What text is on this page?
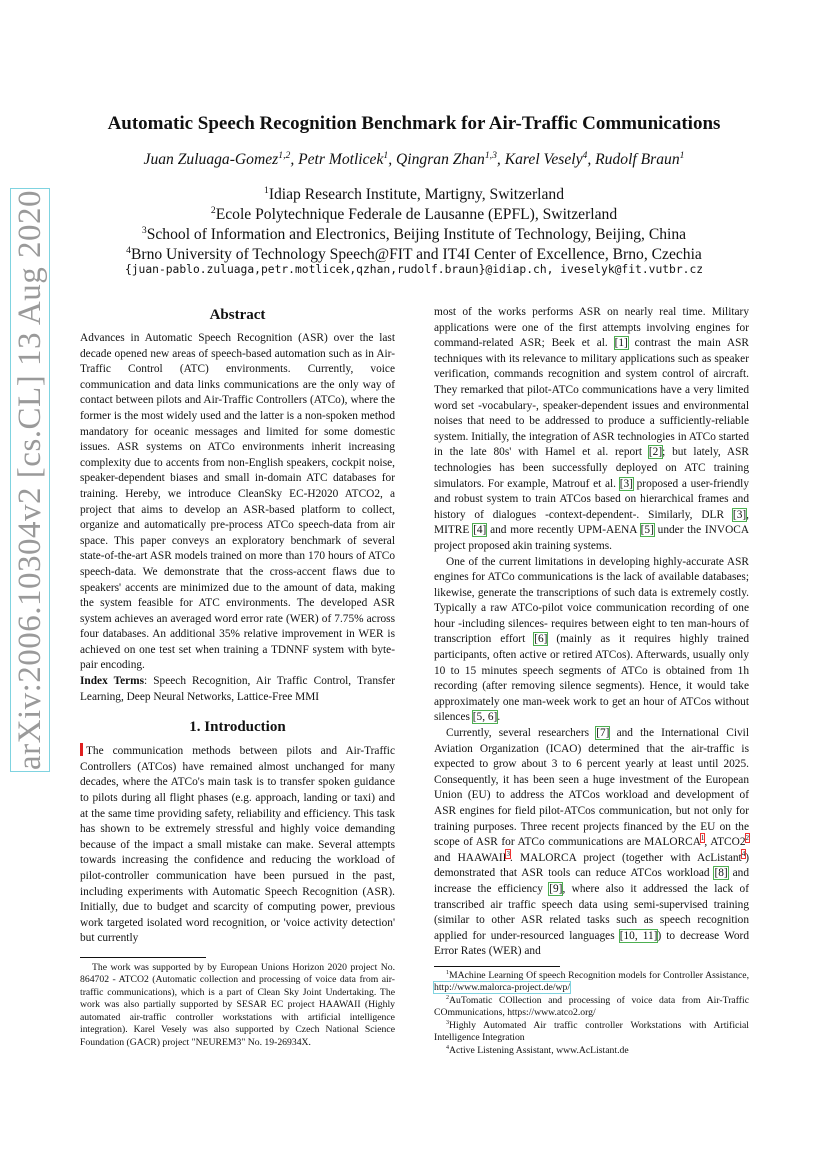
arXiv:2006.10304v2 [cs.CL] 13 Aug 2020
Automatic Speech Recognition Benchmark for Air-Traffic Communications
Juan Zuluaga-Gomez$^{1,2}$, Petr Motlicek$^1$, Qingran Zhan$^{1,3}$, Karel Vesely$^4$, Rudolf Braun$^1$
$^1$Idiap Research Institute, Martigny, Switzerland
$^2$Ecole Polytechnique Federale de Lausanne (EPFL), Switzerland
$^3$School of Information and Electronics, Beijing Institute of Technology, Beijing, China
$^4$Brno University of Technology Speech@FIT and IT4I Center of Excellence, Brno, Czechia
{juan-pablo.zuluaga,petr.motlicek,qzhan,rudolf.braun}@idiap.ch, iveselyk@fit.vutbr.cz
Abstract

Advances in Automatic Speech Recognition (ASR) over the last decade opened new areas of speech-based automation such as in Air-Traffic Control (ATC) environments. Currently, voice communication and data links communications are the only way of contact between pilots and Air-Traffic Controllers (ATCo), where the former is the most widely used and the latter is a non-spoken method mandatory for oceanic messages and limited for some domestic issues. ASR systems on ATCo environments inherit increasing complexity due to accents from non-English speakers, cockpit noise, speaker-dependent biases and small in-domain ATC databases for training. Hereby, we introduce CleanSky EC-H2020 ATCO2, a project that aims to develop an ASR-based platform to collect, organize and automatically pre-process ATCo speech-data from air space. This paper conveys an exploratory benchmark of several state-of-the-art ASR models trained on more than 170 hours of ATCo speech-data. We demonstrate that the cross-accent flaws due to speakers' accents are minimized due to the amount of data, making the system feasible for ATC environments. The developed ASR system achieves an averaged word error rate (WER) of 7.75% across four databases. An additional 35% relative improvement in WER is achieved on one test set when training a TDNNF system with byte-pair encoding.

Index Terms: Speech Recognition, Air Traffic Control, Transfer Learning, Deep Neural Networks, Lattice-Free MMI

1. Introduction

The communication methods between pilots and Air-Traffic Controllers (ATCos) have remained almost unchanged for many decades, where the ATCo's main task is to transfer spoken guidance to pilots during all flight phases (e.g. approach, landing or taxi) and at the same time providing safety, reliability and efficiency. This task has shown to be extremely stressful and highly voice demanding because of the impact a small mistake can make. Several attempts towards increasing the confidence and reducing the workload of pilot-controller communication have been pursued in the past, including experiments with Automatic Speech Recognition (ASR). Initially, due to budget and scarcity of computing power, previous work targeted isolated word recognition, or 'voice activity detection' but currently

The work was supported by by European Unions Horizon 2020 project No. 864702 - ATCO2 (Automatic collection and processing of voice data from air-traffic communications), which is a part of Clean Sky Joint Undertaking. The work was also partially supported by SESAR EC project HAAWAII (Highly automated air-traffic controller workstations with artificial intelligence integration). Karel Vesely was also supported by Czech National Science Foundation (GACR) project "NEUREM3" No. 19-26934X.

most of the works performs ASR on nearly real time. Military applications were one of the first attempts involving engines for command-related ASR; Beek et al. [1] contrast the main ASR techniques with its relevance to military applications such as speaker verification, commands recognition and system control of aircraft. They remarked that pilot-ATCo communications have a very limited word set -vocabulary-, speaker-dependent issues and environmental noises that need to be addressed to produce a sufficiently-reliable system. Initially, the integration of ASR technologies in ATCo started in the late 80s' with Hamel et al. report [2]; but lately, ASR technologies has been successfully deployed on ATC training simulators. For example, Matrouf et al. [3] proposed a user-friendly and robust system to train ATCos based on hierarchical frames and history of dialogues -context-dependent-. Similarly, DLR [3], MITRE [4] and more recently UPM-AENA [5] under the INVOCA project proposed akin training systems.

One of the current limitations in developing highly-accurate ASR engines for ATCo communications is the lack of available databases; likewise, generate the transcriptions of such data is extremely costly. Typically a raw ATCo-pilot voice communication recording of one hour -including silences- requires between eight to ten man-hours of transcription effort [6] (mainly as it requires highly trained participants, often active or retired ATCos). Afterwards, usually only 10 to 15 minutes speech segments of ATCo is obtained from 1h recording (after removing silence segments). Hence, it would take approximately one man-week work to get an hour of ATCos without silences [5, 6].

Currently, several researchers [7] and the International Civil Aviation Organization (ICAO) determined that the air-traffic is expected to grow about 3 to 6 percent yearly at least until 2025. Consequently, it has been seen a huge investment of the European Union (EU) to address the ATCos workload and development of ASR engines for field pilot-ATCos communication, but not only for training purposes. Three recent projects financed by the EU on the scope of ASR for ATCo communications are MALORCA$^1$, ATCO2$^2$ and HAAWAII$^3$. MALORCA project (together with AcListant$^4$) demonstrated that ASR tools can reduce ATCos workload [8] and increase the efficiency [9], where also it addressed the lack of transcribed air traffic speech data using semi-supervised training (similar to other ASR related tasks such as speech recognition applied for under-resourced languages [10, 11]) to decrease Word Error Rates (WER) and

$^1$MAchine Learning Of speech Recognition models for Controller Assistance, http://www.malorca-project.de/wp/

$^2$AuTomatic COllection and processing of voice data from Air-Traffic COmmunications, https://www.atco2.org/

$^3$Highly Automated Air traffic controller Workstations with Artificial Intelligence Integration

$^4$Active Listening Assistant, www.AcListant.de
